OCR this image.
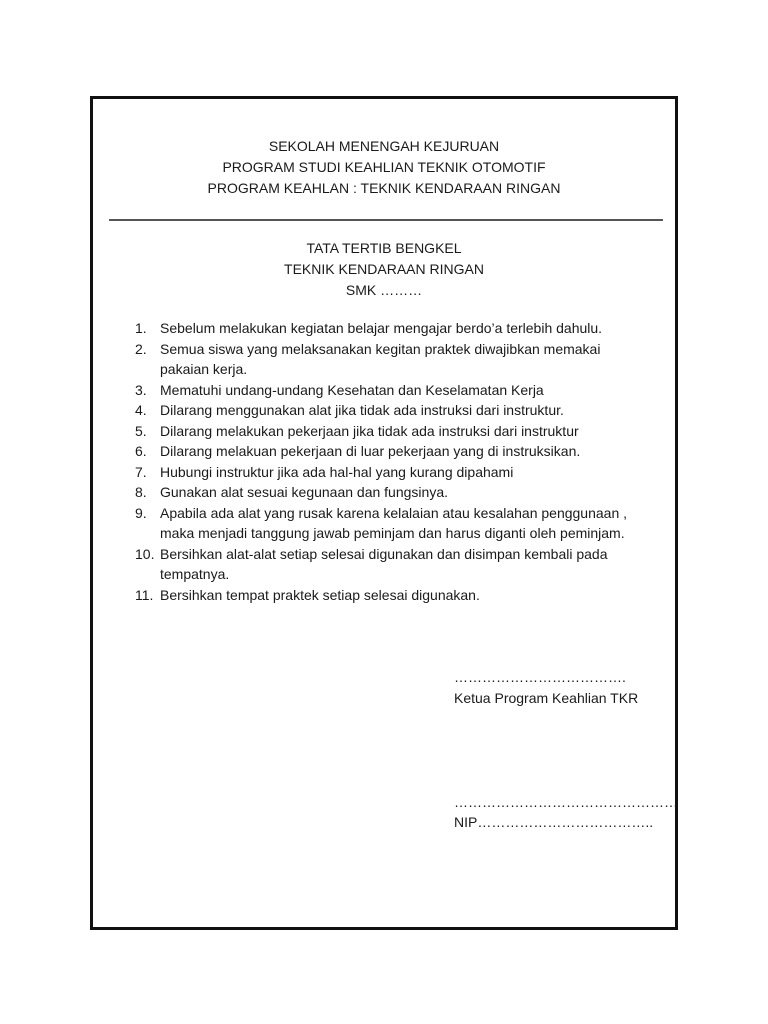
SEKOLAH MENENGAH KEJURUAN
PROGRAM STUDI KEAHLIAN TEKNIK OTOMOTIF
PROGRAM KEAHLAN : TEKNIK KENDARAAN RINGAN
TATA TERTIB BENGKEL
TEKNIK KENDARAAN RINGAN
SMK ………
1. Sebelum melakukan kegiatan belajar mengajar berdo’a terlebih dahulu.
2. Semua siswa yang melaksanakan kegitan praktek diwajibkan memakai pakaian kerja.
3. Mematuhi undang-undang Kesehatan dan Keselamatan Kerja
4. Dilarang menggunakan alat jika tidak ada instruksi dari instruktur.
5. Dilarang melakukan pekerjaan jika tidak ada instruksi dari instruktur
6. Dilarang melakuan pekerjaan di luar pekerjaan yang di instruksikan.
7. Hubungi instruktur jika ada hal-hal yang kurang dipahami
8. Gunakan alat sesuai kegunaan dan fungsinya.
9. Apabila ada alat yang rusak karena kelalaian atau kesalahan penggunaan , maka menjadi tanggung jawab peminjam dan harus diganti oleh peminjam.
10. Bersihkan alat-alat setiap selesai digunakan dan disimpan kembali pada tempatnya.
11. Bersihkan tempat praktek setiap selesai digunakan.
……………………………….
Ketua Program Keahlian TKR
…………………………………………
NIP………………………………..
